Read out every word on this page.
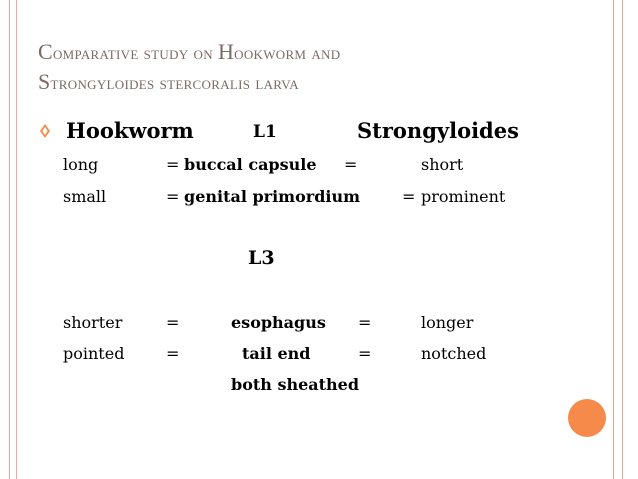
Comparative study on Hookworm and
Strongyloides stercoralis larva
Hookworm	L1	Strongyloides
long	= buccal capsule =	short
small	= genital primordium	= prominent
L3
shorter	=	esophagus =	longer
pointed	=	tail end	=	notched
both sheathed
